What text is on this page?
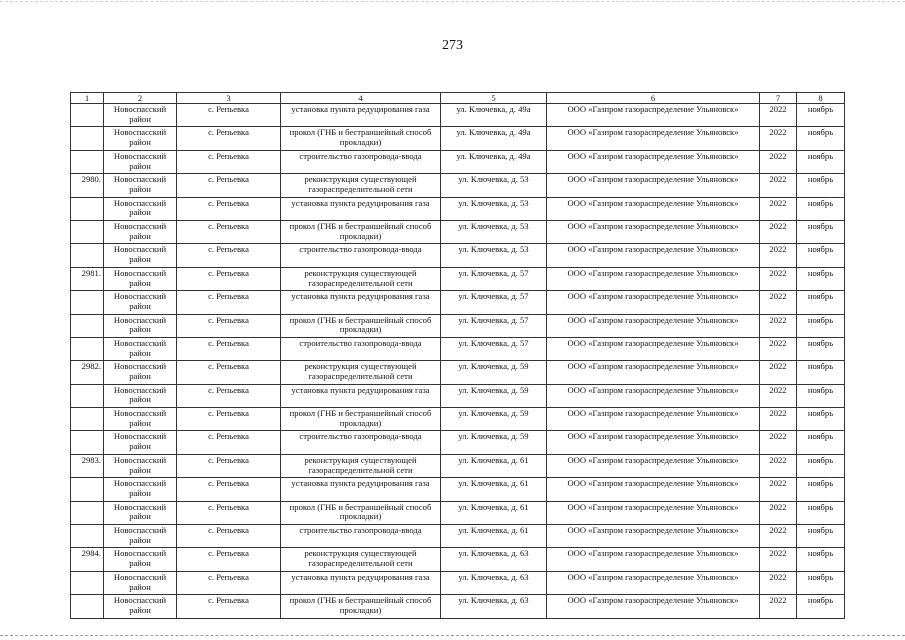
273
1	2	3	4	5	6	7	8
	Новоспасский район	с. Репьевка	установка пункта редуцирования газа	ул. Ключевка, д. 49а	ООО «Газпром газораспределение Ульяновск»	2022	ноябрь
	Новоспасский район	с. Репьевка	прокол (ГНБ и бестраншейный способ прокладки)	ул. Ключевка, д. 49а	ООО «Газпром газораспределение Ульяновск»	2022	ноябрь
	Новоспасский район	с. Репьевка	строительство газопровода-ввода	ул. Ключевка, д. 49а	ООО «Газпром газораспределение Ульяновск»	2022	ноябрь
2980.	Новоспасский район	с. Репьевка	реконструкция существующей газораспределительной сети	ул. Ключевка, д. 53	ООО «Газпром газораспределение Ульяновск»	2022	ноябрь
	Новоспасский район	с. Репьевка	установка пункта редуцирования газа	ул. Ключевка, д. 53	ООО «Газпром газораспределение Ульяновск»	2022	ноябрь
	Новоспасский район	с. Репьевка	прокол (ГНБ и бестраншейный способ прокладки)	ул. Ключевка, д. 53	ООО «Газпром газораспределение Ульяновск»	2022	ноябрь
	Новоспасский район	с. Репьевка	строительство газопровода-ввода	ул. Ключевка, д. 53	ООО «Газпром газораспределение Ульяновск»	2022	ноябрь
2981.	Новоспасский район	с. Репьевка	реконструкция существующей газораспределительной сети	ул. Ключевка, д. 57	ООО «Газпром газораспределение Ульяновск»	2022	ноябрь
	Новоспасский район	с. Репьевка	установка пункта редуцирования газа	ул. Ключевка, д. 57	ООО «Газпром газораспределение Ульяновск»	2022	ноябрь
	Новоспасский район	с. Репьевка	прокол (ГНБ и бестраншейный способ прокладки)	ул. Ключевка, д. 57	ООО «Газпром газораспределение Ульяновск»	2022	ноябрь
	Новоспасский район	с. Репьевка	строительство газопровода-ввода	ул. Ключевка, д. 57	ООО «Газпром газораспределение Ульяновск»	2022	ноябрь
2982.	Новоспасский район	с. Репьевка	реконструкция существующей газораспределительной сети	ул. Ключевка, д. 59	ООО «Газпром газораспределение Ульяновск»	2022	ноябрь
	Новоспасский район	с. Репьевка	установка пункта редуцирования газа	ул. Ключевка, д. 59	ООО «Газпром газораспределение Ульяновск»	2022	ноябрь
	Новоспасский район	с. Репьевка	прокол (ГНБ и бестраншейный способ прокладки)	ул. Ключевка, д. 59	ООО «Газпром газораспределение Ульяновск»	2022	ноябрь
	Новоспасский район	с. Репьевка	строительство газопровода-ввода	ул. Ключевка, д. 59	ООО «Газпром газораспределение Ульяновск»	2022	ноябрь
2983.	Новоспасский район	с. Репьевка	реконструкция существующей газораспределительной сети	ул. Ключевка, д. 61	ООО «Газпром газораспределение Ульяновск»	2022	ноябрь
	Новоспасский район	с. Репьевка	установка пункта редуцирования газа	ул. Ключевка, д. 61	ООО «Газпром газораспределение Ульяновск»	2022	ноябрь
	Новоспасский район	с. Репьевка	прокол (ГНБ и бестраншейный способ прокладки)	ул. Ключевка, д. 61	ООО «Газпром газораспределение Ульяновск»	2022	ноябрь
	Новоспасский район	с. Репьевка	строительство газопровода-ввода	ул. Ключевка, д. 61	ООО «Газпром газораспределение Ульяновск»	2022	ноябрь
2984.	Новоспасский район	с. Репьевка	реконструкция существующей газораспределительной сети	ул. Ключевка, д. 63	ООО «Газпром газораспределение Ульяновск»	2022	ноябрь
	Новоспасский район	с. Репьевка	установка пункта редуцирования газа	ул. Ключевка, д. 63	ООО «Газпром газораспределение Ульяновск»	2022	ноябрь
	Новоспасский район	с. Репьевка	прокол (ГНБ и бестраншейный способ прокладки)	ул. Ключевка, д. 63	ООО «Газпром газораспределение Ульяновск»	2022	ноябрь
